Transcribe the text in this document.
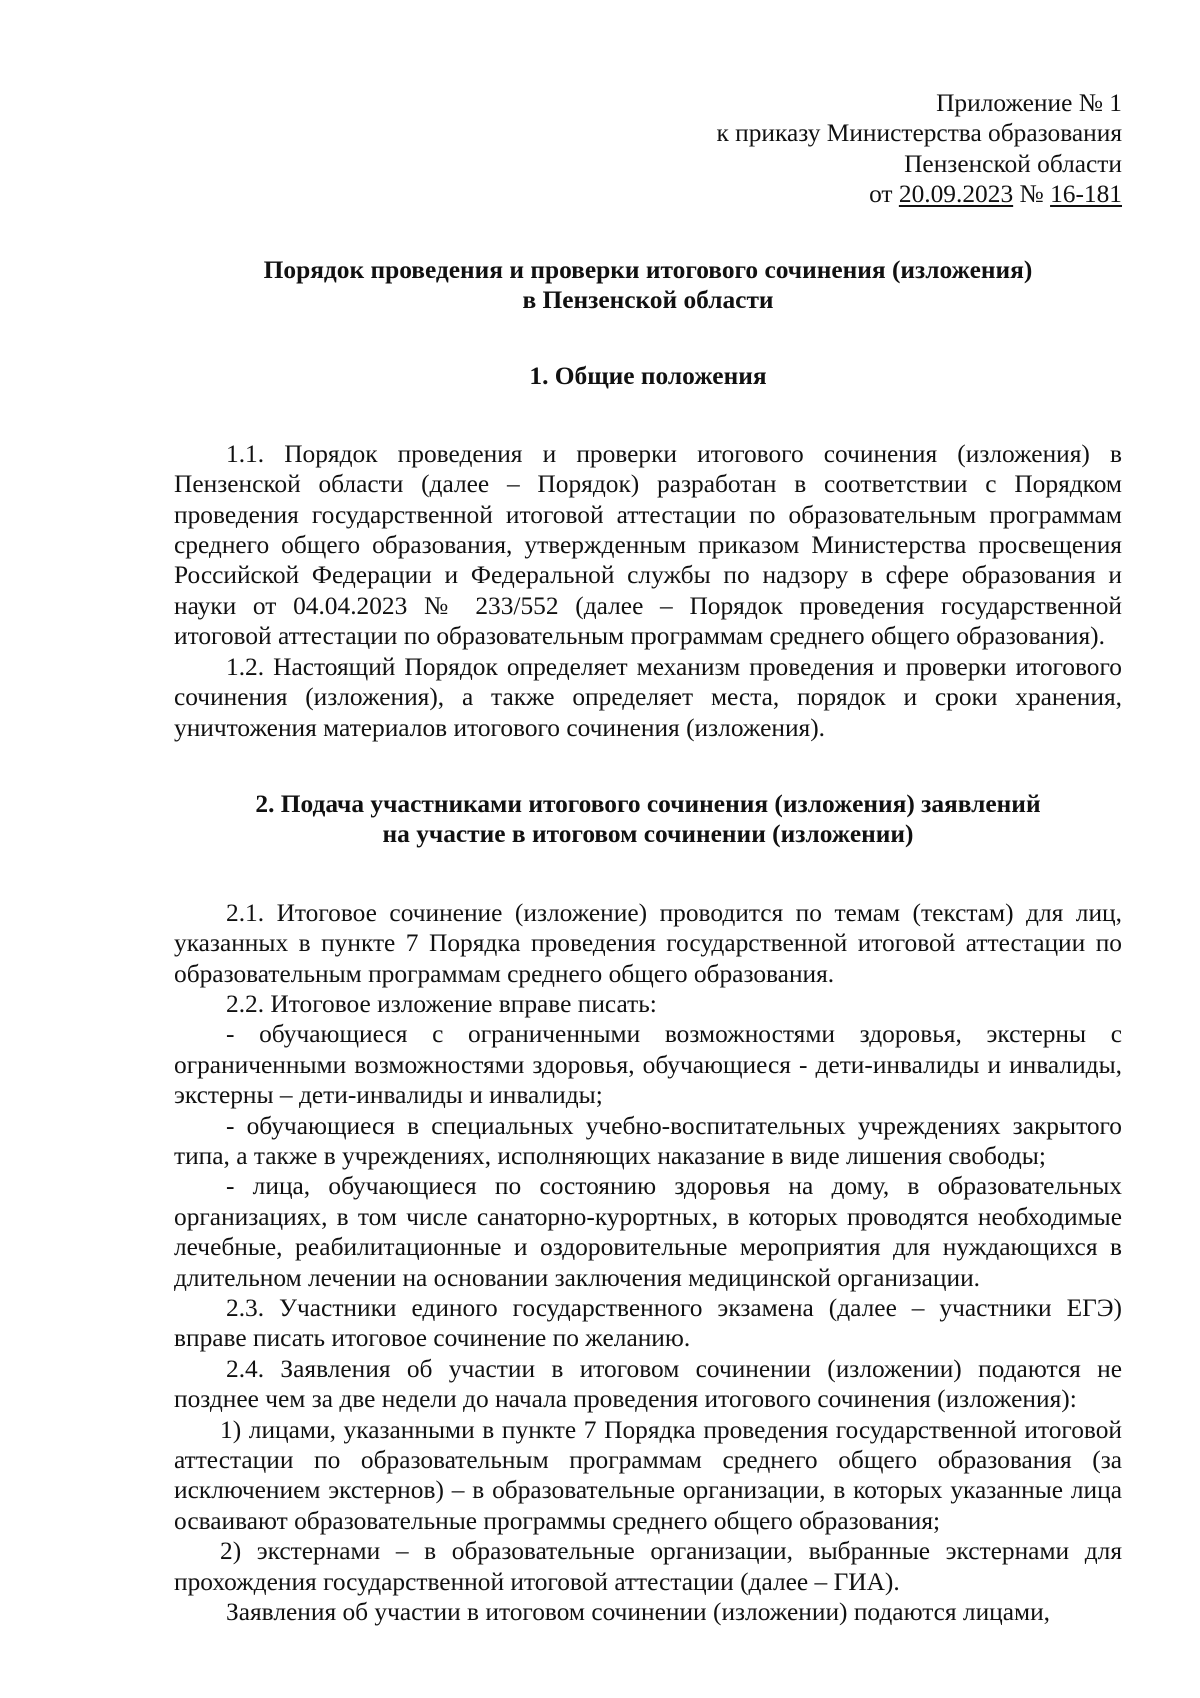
Приложение № 1
к приказу Министерства образования
Пензенской области
от 20.09.2023 № 16-181
Порядок проведения и проверки итогового сочинения (изложения)
в Пензенской области
1. Общие положения

1.1. Порядок проведения и проверки итогового сочинения (изложения) в Пензенской области (далее – Порядок) разработан в соответствии с Порядком проведения государственной итоговой аттестации по образовательным программам среднего общего образования, утвержденным приказом Министерства просвещения Российской Федерации и Федеральной службы по надзору в сфере образования и науки от 04.04.2023 № 233/552 (далее – Порядок проведения государственной итоговой аттестации по образовательным программам среднего общего образования).

1.2. Настоящий Порядок определяет механизм проведения и проверки итогового сочинения (изложения), а также определяет места, порядок и сроки хранения, уничтожения материалов итогового сочинения (изложения).

2. Подача участниками итогового сочинения (изложения) заявлений
на участие в итоговом сочинении (изложении)

2.1. Итоговое сочинение (изложение) проводится по темам (текстам) для лиц, указанных в пункте 7 Порядка проведения государственной итоговой аттестации по образовательным программам среднего общего образования.

2.2. Итоговое изложение вправе писать:

- обучающиеся с ограниченными возможностями здоровья, экстерны с ограниченными возможностями здоровья, обучающиеся - дети-инвалиды и инвалиды, экстерны – дети-инвалиды и инвалиды;

- обучающиеся в специальных учебно-воспитательных учреждениях закрытого типа, а также в учреждениях, исполняющих наказание в виде лишения свободы;

- лица, обучающиеся по состоянию здоровья на дому, в образовательных организациях, в том числе санаторно-курортных, в которых проводятся необходимые лечебные, реабилитационные и оздоровительные мероприятия для нуждающихся в длительном лечении на основании заключения медицинской организации.

2.3. Участники единого государственного экзамена (далее – участники ЕГЭ) вправе писать итоговое сочинение по желанию.

2.4. Заявления об участии в итоговом сочинении (изложении) подаются не позднее чем за две недели до начала проведения итогового сочинения (изложения):

1) лицами, указанными в пункте 7 Порядка проведения государственной итоговой аттестации по образовательным программам среднего общего образования (за исключением экстернов) – в образовательные организации, в которых указанные лица осваивают образовательные программы среднего общего образования;

2) экстернами – в образовательные организации, выбранные экстернами для прохождения государственной итоговой аттестации (далее – ГИА).

Заявления об участии в итоговом сочинении (изложении) подаются лицами,
